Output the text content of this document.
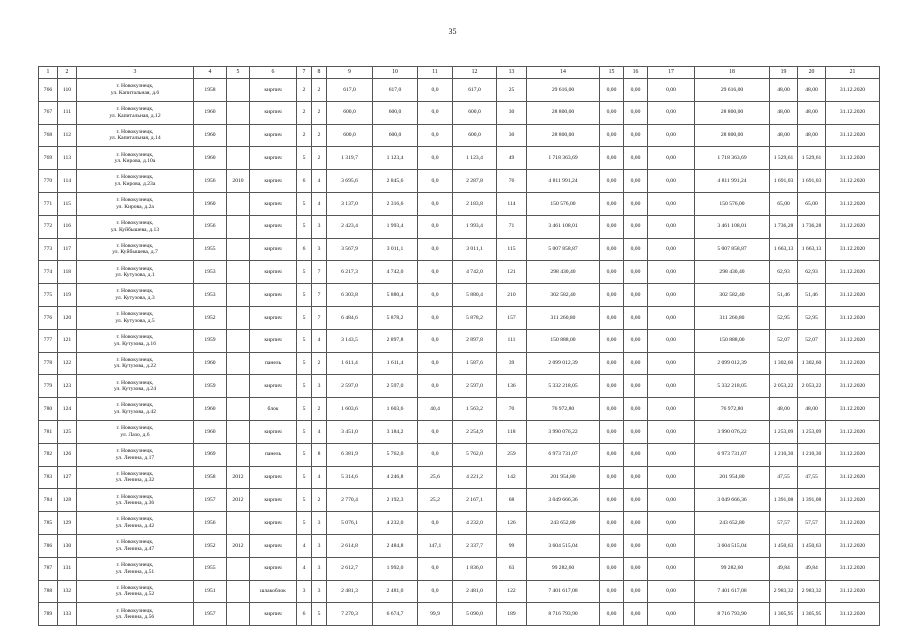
35
1	2	3	4	5	6	7	8	9	10	11	12	13	14	15	16	17	18	19	20	21
766	110	г. Новокузнецк,
ул. Капитальная, д.6	1958		кирпич	2	2	617,0	617,0	0,0	617,0	25	29 616,00	0,00	0,00	0,00	29 616,00	48,00	48,00	31.12.2020
767	111	г. Новокузнецк,
ул. Капитальная, д.12	1960		кирпич	2	2	600,0	600,0	0,0	600,0	30	28 800,00	0,00	0,00	0,00	28 800,00	48,00	48,00	31.12.2020
768	112	г. Новокузнецк,
ул. Капитальная, д.14	1960		кирпич	2	2	600,0	600,0	0,0	600,0	30	28 800,00	0,00	0,00	0,00	28 800,00	48,00	48,00	31.12.2020
769	113	г. Новокузнецк,
ул. Кирова, д.10а	1960		кирпич	5	2	1 319,7	1 123,4	0,0	1 123,4	49	1 718 363,69	0,00	0,00	0,00	1 718 363,69	1 529,61	1 529,61	31.12.2020
770	114	г. Новокузнецк,
ул. Кирова, д.23а	1956	2010	кирпич	6	4	3 695,6	2 845,6	0,0	2 287,8	76	4 811 991,24	0,00	0,00	0,00	4 811 991,24	1 691,03	1 691,03	31.12.2020
771	115	г. Новокузнецк,
ул. Кирова, д.2а	1960		кирпич	5	4	3 137,0	2 316,6	0,0	2 183,8	114	150 576,00	0,00	0,00	0,00	150 576,00	65,00	65,00	31.12.2020
772	116	г. Новокузнецк,
ул. Куйбышева, д.13	1956		кирпич	5	3	2 423,4	1 993,4	0,0	1 993,4	71	3 461 108,01	0,00	0,00	0,00	3 461 108,01	1 736,28	1 736,28	31.12.2020
773	117	г. Новокузнецк,
ул. Куйбышева, д.7	1955		кирпич	6	3	3 567,9	3 011,1	0,0	3 011,1	115	5 007 858,87	0,00	0,00	0,00	5 007 858,87	1 663,13	1 663,13	31.12.2020
774	118	г. Новокузнецк,
ул. Кутузова, д.1	1953		кирпич	5	7	6 217,3	4 742,0	0,0	4 742,0	121	298 430,40	0,00	0,00	0,00	298 430,40	62,93	62,93	31.12.2020
775	119	г. Новокузнецк,
ул. Кутузова, д.3	1953		кирпич	5	7	6 303,8	5 880,4	0,0	5 880,4	210	302 582,40	0,00	0,00	0,00	302 582,40	51,46	51,46	31.12.2020
776	120	г. Новокузнецк,
ул. Кутузова, д.5	1952		кирпич	5	7	6 484,6	5 878,2	0,0	5 878,2	157	311 260,80	0,00	0,00	0,00	311 260,80	52,95	52,95	31.12.2020
777	121	г. Новокузнецк,
ул. Кутузова, д.16	1959		кирпич	5	4	3 143,5	2 897,8	0,0	2 897,8	111	150 888,00	0,00	0,00	0,00	150 888,00	52,07	52,07	31.12.2020
778	122	г. Новокузнецк,
ул. Кутузова, д.22	1960		панель	5	2	1 611,4	1 611,4	0,0	1 587,6	39	2 099 012,39	0,00	0,00	0,00	2 099 012,39	1 302,60	1 302,60	31.12.2020
779	123	г. Новокузнецк,
ул. Кутузова, д.24	1959		кирпич	5	3	2 597,0	2 597,0	0,0	2 597,0	136	5 332 218,05	0,00	0,00	0,00	5 332 218,05	2 053,22	2 053,22	31.12.2020
780	124	г. Новокузнецк,
ул. Кутузова, д.42	1960		блок	5	2	1 603,6	1 603,6	40,4	1 563,2	70	76 972,80	0,00	0,00	0,00	76 972,80	48,00	48,00	31.12.2020
781	125	г. Новокузнецк,
ул. Лазо, д.6	1960		кирпич	5	4	3 451,0	3 184,2	0,0	2 254,9	118	3 990 076,22	0,00	0,00	0,00	3 990 076,22	1 253,09	1 253,09	31.12.2020
782	126	г. Новокузнецк,
ул. Ленина, д.17	1969		панель	5	8	6 381,9	5 762,0	0,0	5 762,0	259	6 973 731,07	0,00	0,00	0,00	6 973 731,07	1 210,30	1 210,30	31.12.2020
783	127	г. Новокузнецк,
ул. Ленина, д.32	1958	2012	кирпич	5	4	5 314,6	4 246,8	25,6	4 221,2	142	201 954,80	0,00	0,00	0,00	201 954,80	47,55	47,55	31.12.2020
784	128	г. Новокузнецк,
ул. Ленина, д.36	1957	2012	кирпич	5	2	2 770,4	2 192,3	25,2	2 167,1	68	3 049 666,36	0,00	0,00	0,00	3 049 666,36	1 391,08	1 391,08	31.12.2020
785	129	г. Новокузнецк,
ул. Ленина, д.42	1956		кирпич	5	3	5 076,1	4 232,0	0,0	4 232,0	126	243 652,80	0,00	0,00	0,00	243 652,80	57,57	57,57	31.12.2020
786	130	г. Новокузнецк,
ул. Ленина, д.47	1952	2012	кирпич	4	3	2 614,8	2 484,8	147,1	2 337,7	99	3 604 515,04	0,00	0,00	0,00	3 604 515,04	1 450,63	1 450,63	31.12.2020
787	131	г. Новокузнецк,
ул. Ленина, д.51	1955		кирпич	4	3	2 612,7	1 992,0	0,0	1 836,0	63	99 282,60	0,00	0,00	0,00	99 282,60	49,84	49,84	31.12.2020
788	132	г. Новокузнецк,
ул. Ленина, д.52	1951		шлакоблок	3	3	2 481,3	2 481,0	0,0	2 481,0	122	7 401 617,08	0,00	0,00	0,00	7 401 617,08	2 983,32	2 983,32	31.12.2020
789	133	г. Новокузнецк,
ул. Ленина, д.56	1957		кирпич	6	5	7 270,3	6 674,7	99,9	5 090,0	189	8 716 793,90	0,00	0,00	0,00	8 716 793,90	1 305,95	1 305,95	31.12.2020
